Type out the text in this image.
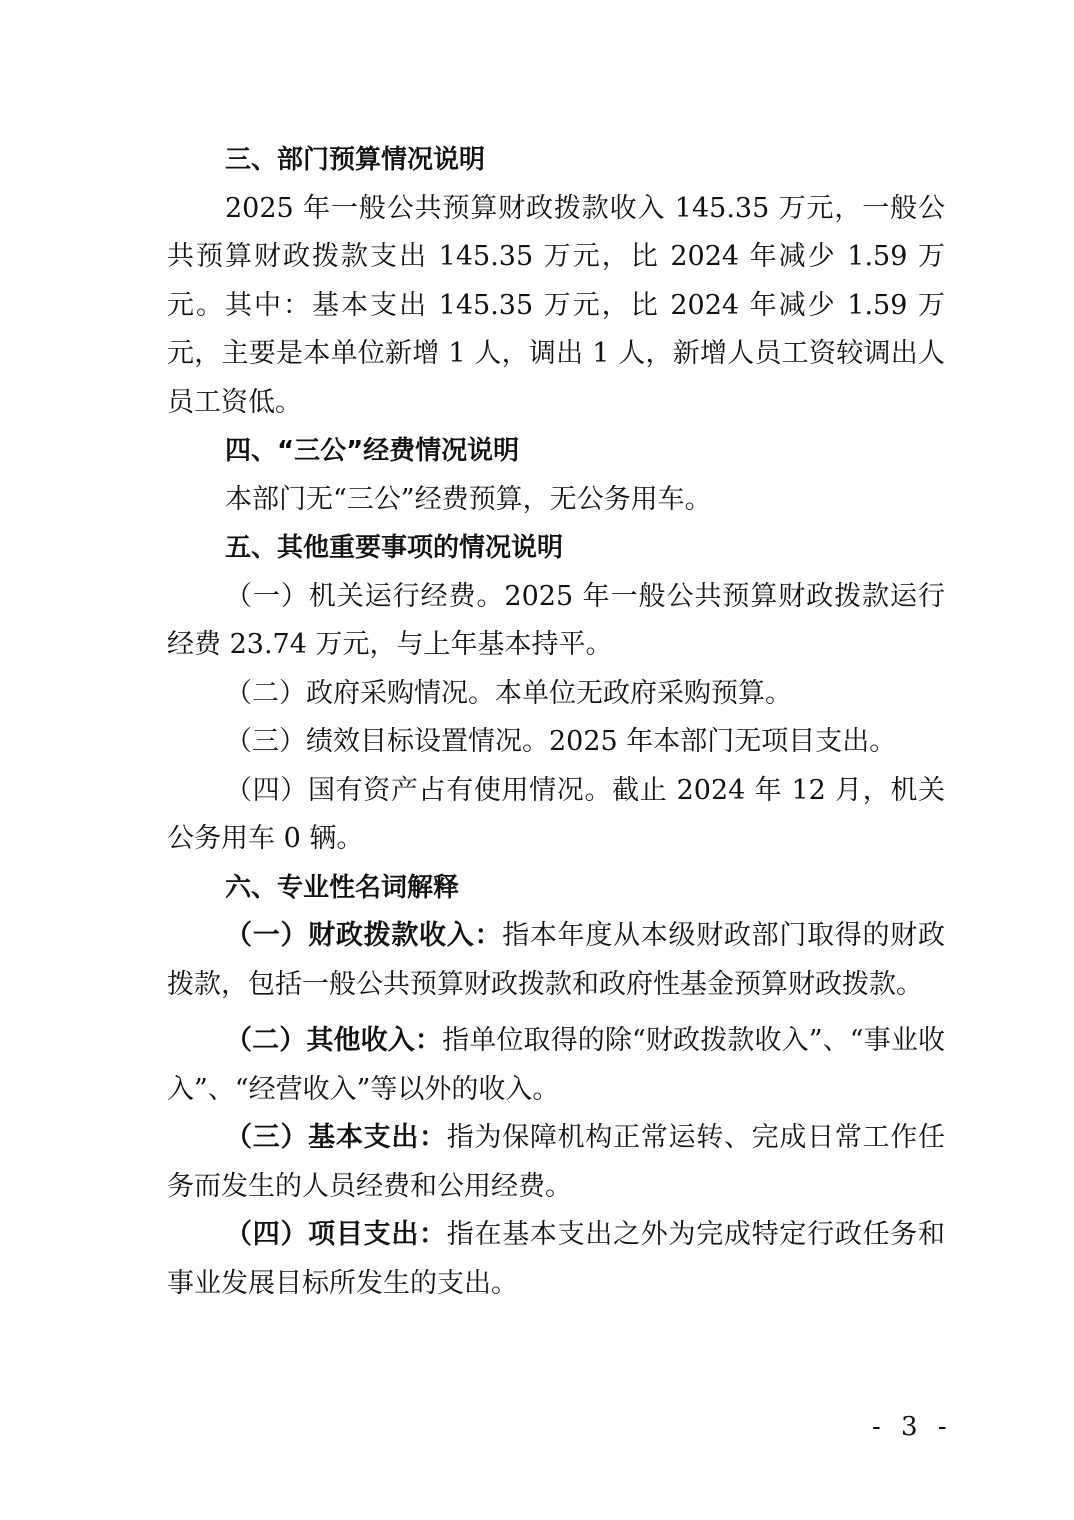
三、部门预算情况说明

2025 年一般公共预算财政拨款收入 145.35 万元，一般公共预算财政拨款支出 145.35 万元，比 2024 年减少 1.59 万元。其中：基本支出 145.35 万元，比 2024 年减少 1.59 万元，主要是本单位新增 1 人，调出 1 人，新增人员工资较调出人员工资低。

四、“三公”经费情况说明

本部门无“三公”经费预算，无公务用车。

五、其他重要事项的情况说明

（一）机关运行经费。2025 年一般公共预算财政拨款运行经费 23.74 万元，与上年基本持平。

（二）政府采购情况。本单位无政府采购预算。

（三）绩效目标设置情况。2025 年本部门无项目支出。

（四）国有资产占有使用情况。截止 2024 年 12 月，机关公务用车 0 辆。

六、专业性名词解释

（一）财政拨款收入：指本年度从本级财政部门取得的财政拨款，包括一般公共预算财政拨款和政府性基金预算财政拨款。

（二）其他收入：指单位取得的除“财政拨款收入”、“事业收入”、“经营收入”等以外的收入。

（三）基本支出：指为保障机构正常运转、完成日常工作任务而发生的人员经费和公用经费。

（四）项目支出：指在基本支出之外为完成特定行政任务和事业发展目标所发生的支出。

- 3 -
